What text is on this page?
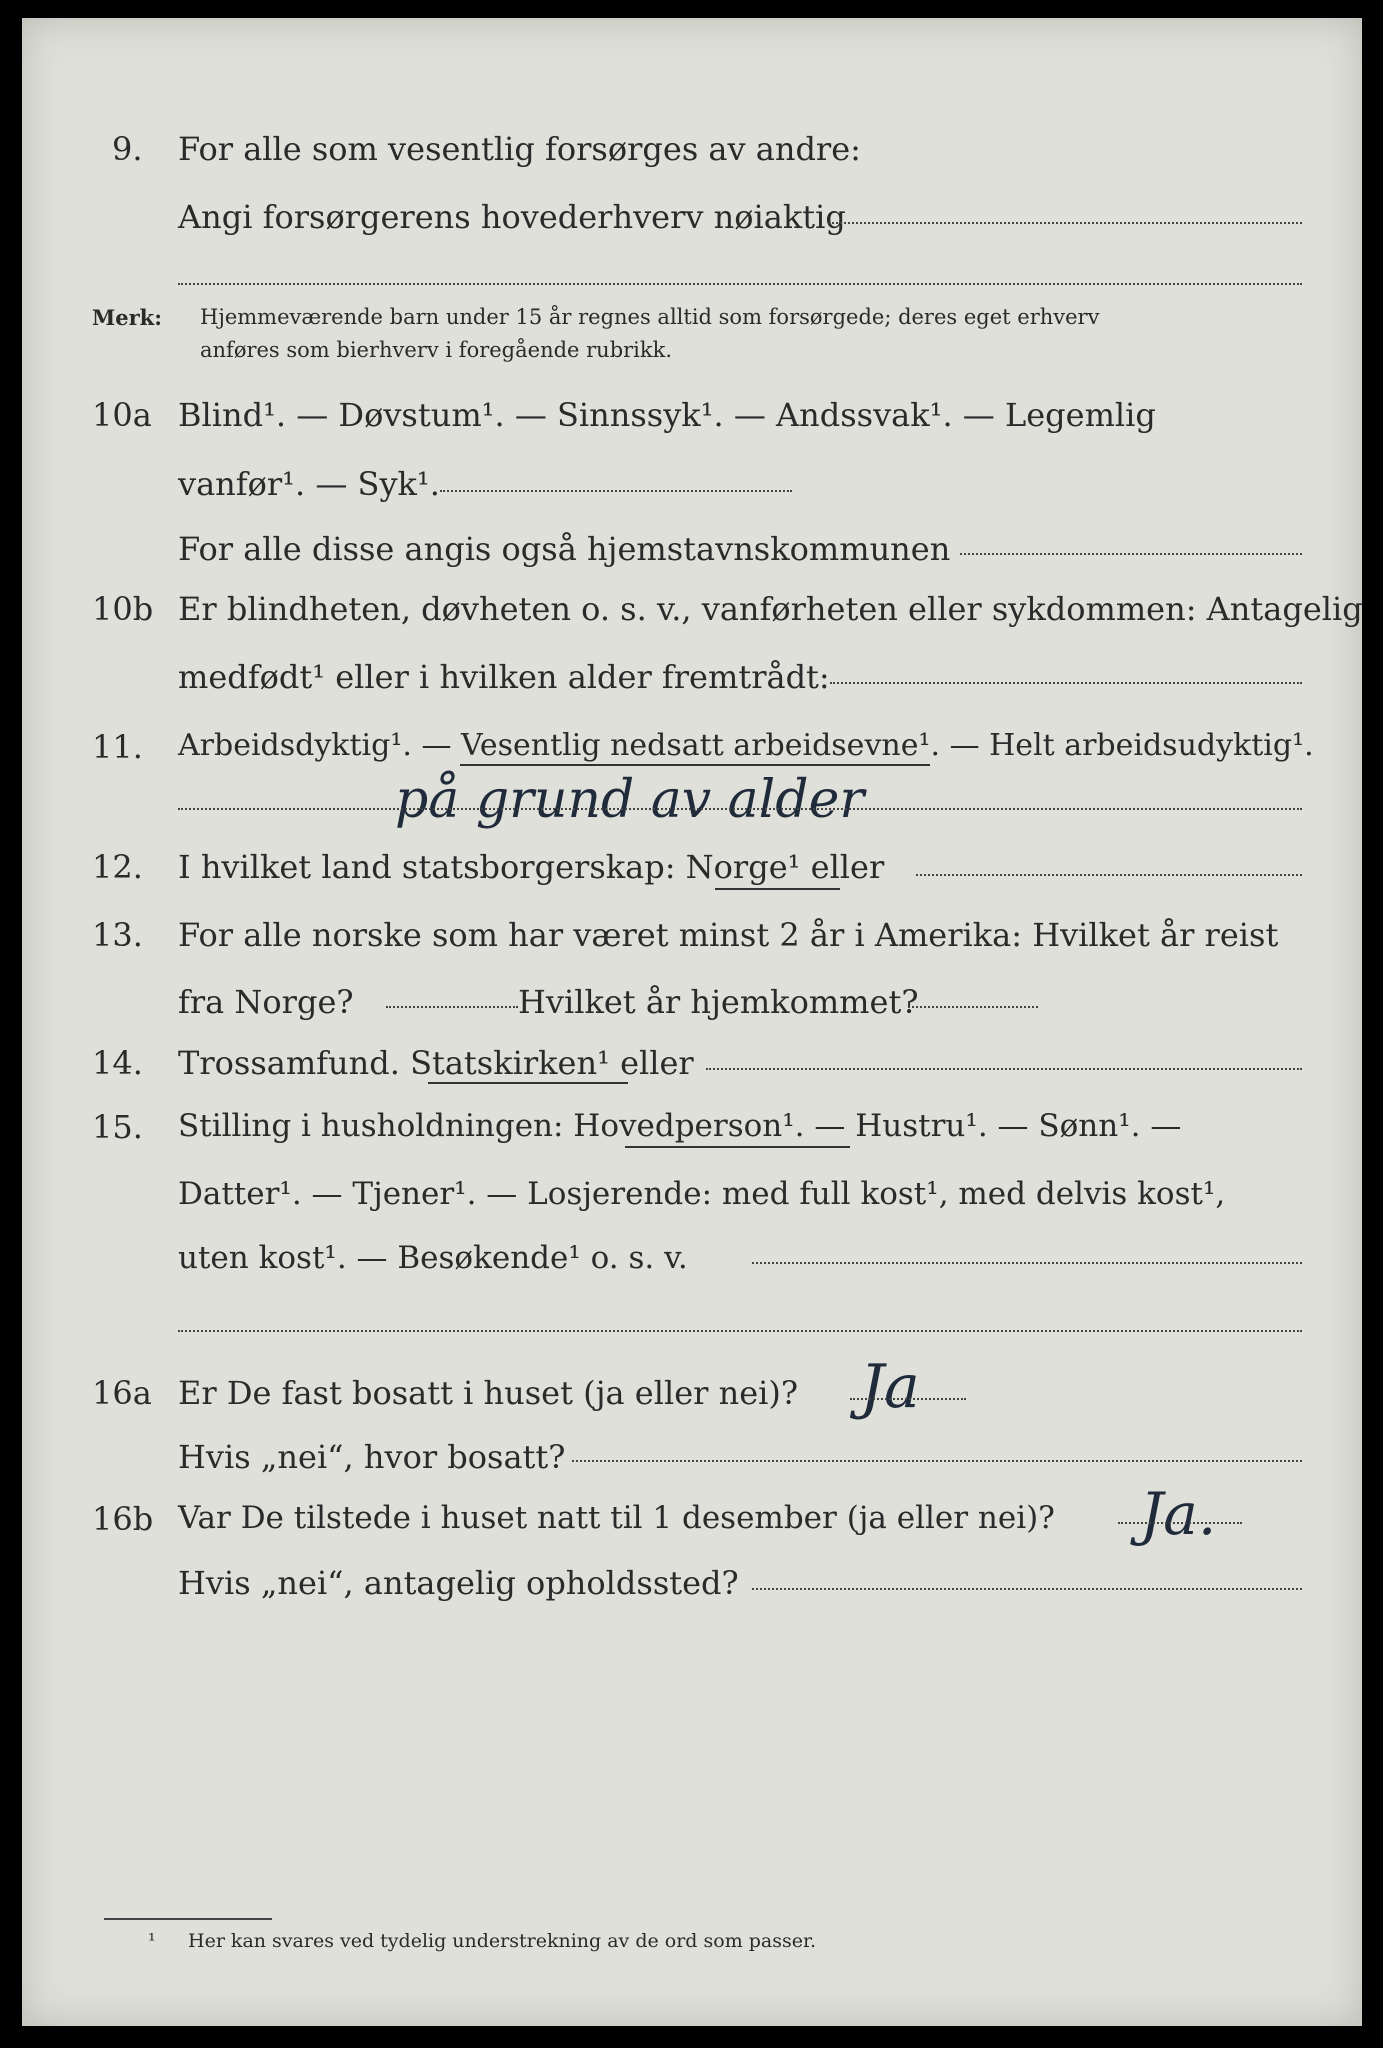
9. For alle som vesentlig forsørges av andre:
Angi forsørgerens hovederhverv nøiaktig
Merk: Hjemmeværende barn under 15 år regnes alltid som forsørgede; deres eget erhverv
anføres som bierhverv i foregående rubrikk.
10a Blind¹. — Døvstum¹. — Sinnssyk¹. — Andssvak¹. — Legemlig
vanfør¹. — Syk¹.
For alle disse angis også hjemstavnskommunen
10b Er blindheten, døvheten o. s. v., vanførheten eller sykdommen: Antagelig
medfødt¹ eller i hvilken alder fremtrådt:
11. Arbeidsdyktig¹. — Vesentlig nedsatt arbeidsevne¹. — Helt arbeidsudyktig¹.
på grund av alder
12. I hvilket land statsborgerskap: Norge¹ eller
13. For alle norske som har været minst 2 år i Amerika: Hvilket år reist
fra Norge?	Hvilket år hjemkommet?
14. Trossamfund. Statskirken¹ eller
15. Stilling i husholdningen: Hovedperson¹. — Hustru¹. — Sønn¹. —
Datter¹. — Tjener¹. — Losjerende: med full kost¹, med delvis kost¹,
uten kost¹. — Besøkende¹ o. s. v.
16a Er De fast bosatt i huset (ja eller nei)? Ja
Hvis „nei“, hvor bosatt?
16b Var De tilstede i huset natt til 1 desember (ja eller nei)? Ja.
Hvis „nei“, antagelig opholdssted?
¹ Her kan svares ved tydelig understrekning av de ord som passer.
